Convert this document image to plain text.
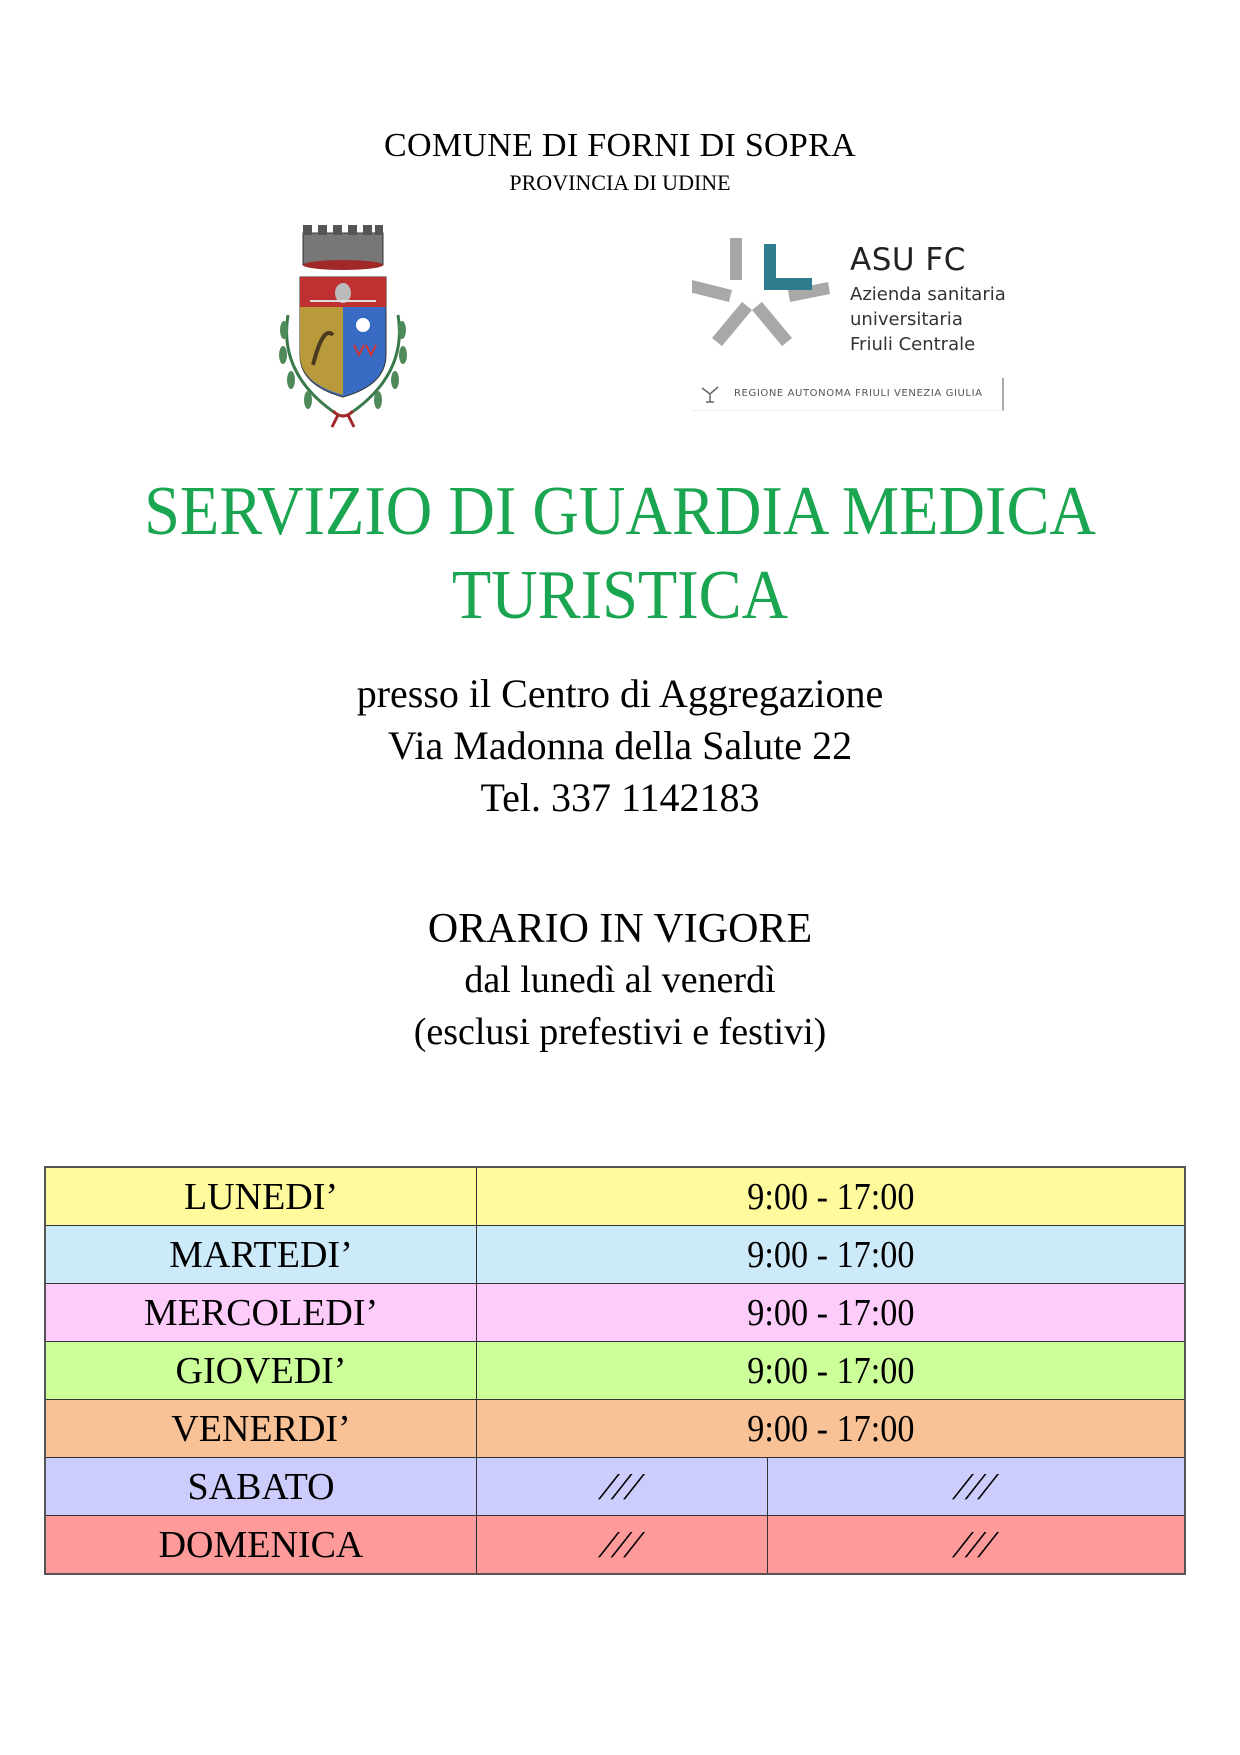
COMUNE DI FORNI DI SOPRA
PROVINCIA DI UDINE
ASU FC
Azienda sanitaria
universitaria
Friuli Centrale
REGIONE AUTONOMA FRIULI VENEZIA GIULIA
SERVIZIO DI GUARDIA MEDICA
TURISTICA
presso il Centro di Aggregazione
Via Madonna della Salute 22
Tel. 337 1142183
ORARIO IN VIGORE
dal lunedì al venerdì
(esclusi prefestivi e festivi)
LUNEDI’	9:00 - 17:00	
MARTEDI’	9:00 - 17:00	
MERCOLEDI’	9:00 - 17:00	
GIOVEDI’	9:00 - 17:00	
VENERDI’	9:00 - 17:00	
SABATO	///	///
DOMENICA	///	///
